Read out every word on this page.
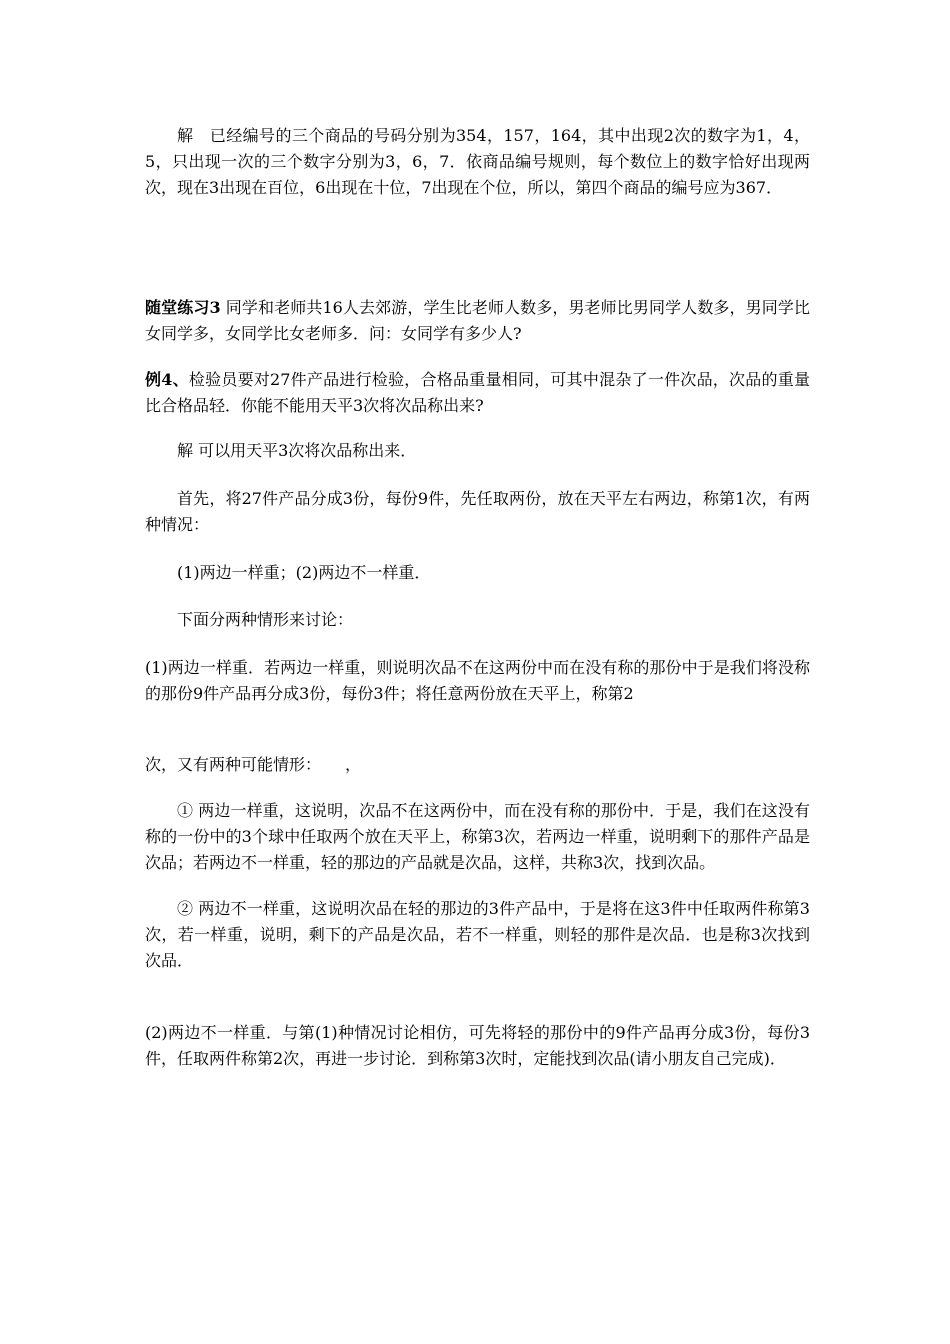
解　已经编号的三个商品的号码分别为354，157，164，其中出现2次的数字为1，4，5，只出现一次的三个数字分别为3，6，7．依商品编号规则，每个数位上的数字恰好出现两次，现在3出现在百位，6出现在十位，7出现在个位，所以，第四个商品的编号应为367．

随堂练习3 同学和老师共16人去郊游，学生比老师人数多，男老师比男同学人数多，男同学比女同学多，女同学比女老师多．问：女同学有多少人?

例4、检验员要对27件产品进行检验，合格品重量相同，可其中混杂了一件次品，次品的重量比合格品轻．你能不能用天平3次将次品称出来?

解 可以用天平3次将次品称出来．

首先，将27件产品分成3份，每份9件，先任取两份，放在天平左右两边，称第1次，有两种情况：

(1)两边一样重；(2)两边不一样重．

下面分两种情形来讨论：

(1)两边一样重．若两边一样重，则说明次品不在这两份中而在没有称的那份中于是我们将没称的那份9件产品再分成3份，每份3件；将任意两份放在天平上，称第2

次，又有两种可能情形：　　，

① 两边一样重，这说明，次品不在这两份中，而在没有称的那份中．于是，我们在这没有称的一份中的3个球中任取两个放在天平上，称第3次，若两边一样重，说明剩下的那件产品是次品；若两边不一样重，轻的那边的产品就是次品，这样，共称3次，找到次品。

② 两边不一样重，这说明次品在轻的那边的3件产品中，于是将在这3件中任取两件称第3次，若一样重，说明，剩下的产品是次品，若不一样重，则轻的那件是次品．也是称3次找到次品．

(2)两边不一样重．与第(1)种情况讨论相仿，可先将轻的那份中的9件产品再分成3份，每份3件，任取两件称第2次，再进一步讨论．到称第3次时，定能找到次品(请小朋友自己完成)．
